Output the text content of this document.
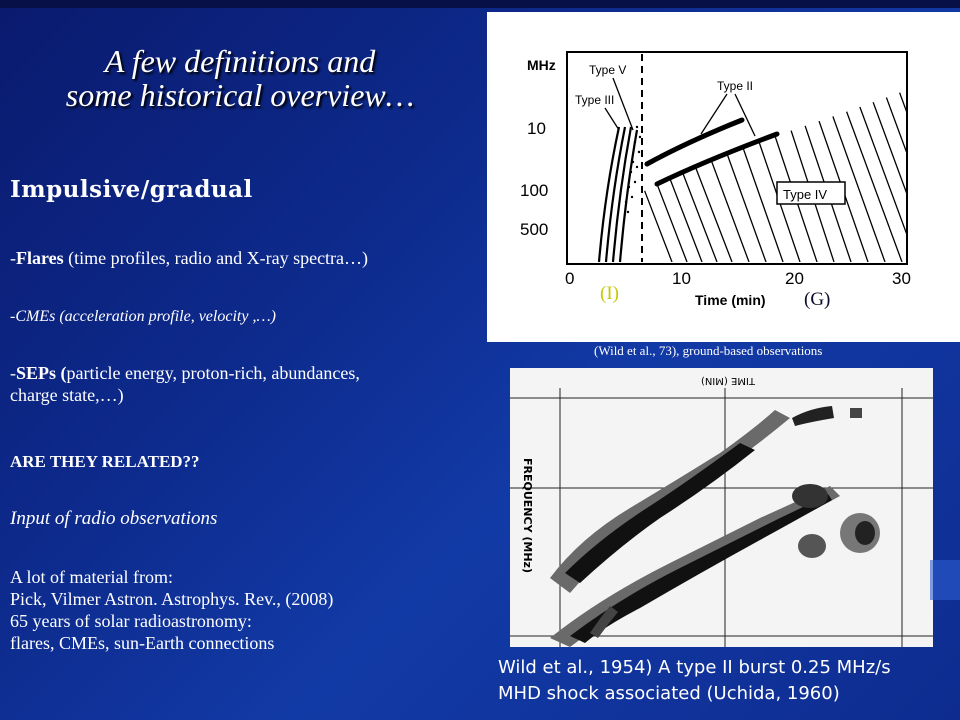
A few definitions and
some historical overview…
Impulsive/gradual
-Flares (time profiles, radio and X-ray spectra…)
-CMEs (acceleration profile, velocity ,…)
-SEPs (particle energy, proton-rich, abundances,
charge state,…)
ARE THEY RELATED??
Input of radio observations
A lot of material from:
Pick, Vilmer Astron. Astrophys. Rev., (2008)
65 years of solar radioastronomy:
flares, CMEs, sun-Earth connections
MHz
10
100
500
0	10	20	30
Time (min)
Type IV
Type V
Type III
Type II
(I)	(G)
(Wild et al., 73), ground-based observations
TIME (MIN)
FREQUENCY (MHz)
Wild et al., 1954) A type II burst 0.25 MHz/s
MHD shock associated (Uchida, 1960)
